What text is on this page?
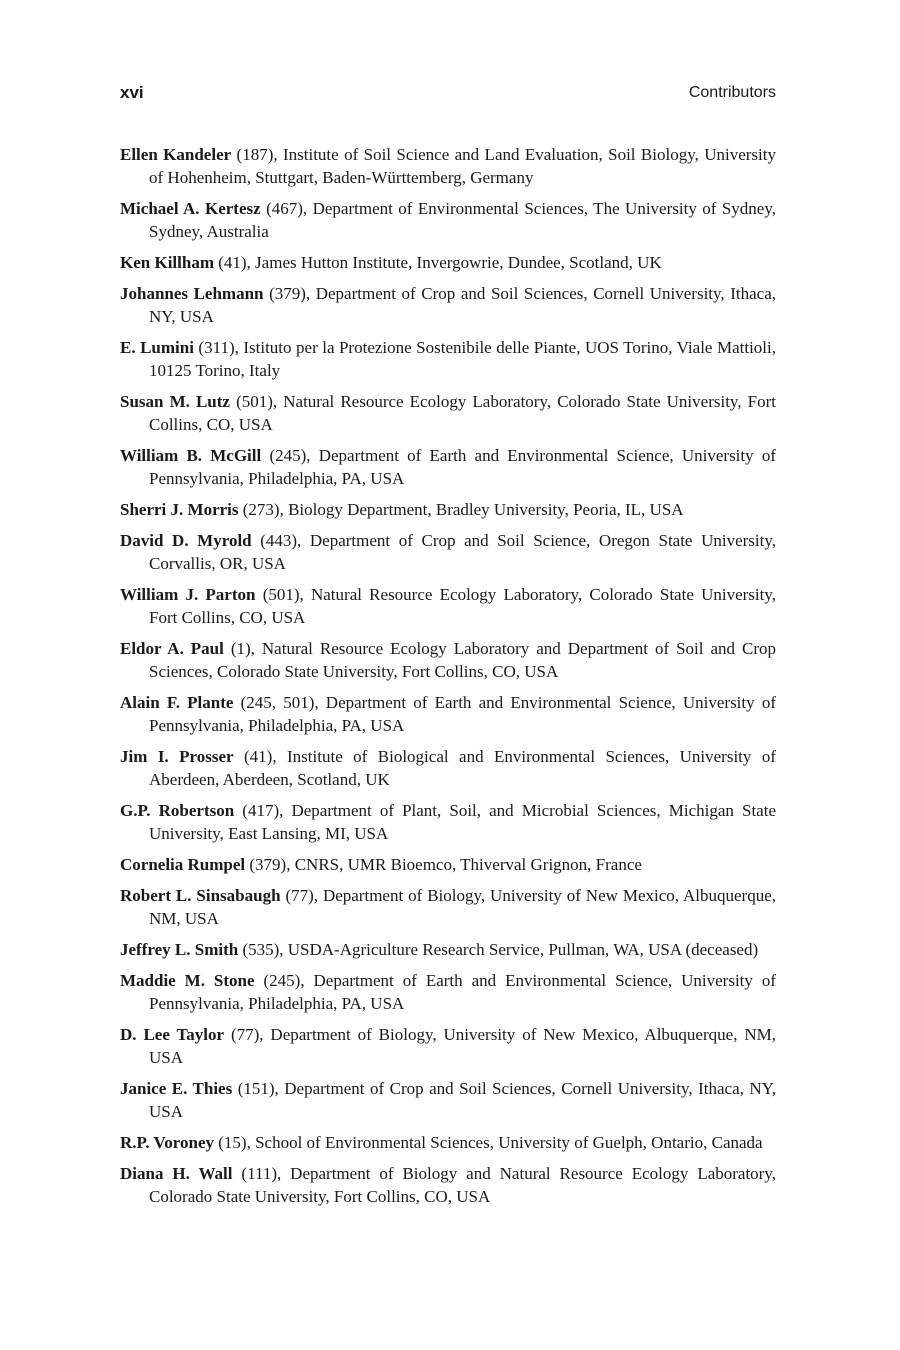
xvi	Contributors
Ellen Kandeler (187), Institute of Soil Science and Land Evaluation, Soil Biology, University of Hohenheim, Stuttgart, Baden-Württemberg, Germany
Michael A. Kertesz (467), Department of Environmental Sciences, The University of Sydney, Sydney, Australia
Ken Killham (41), James Hutton Institute, Invergowrie, Dundee, Scotland, UK
Johannes Lehmann (379), Department of Crop and Soil Sciences, Cornell University, Ithaca, NY, USA
E. Lumini (311), Istituto per la Protezione Sostenibile delle Piante, UOS Torino, Viale Mattioli, 10125 Torino, Italy
Susan M. Lutz (501), Natural Resource Ecology Laboratory, Colorado State University, Fort Collins, CO, USA
William B. McGill (245), Department of Earth and Environmental Science, University of Pennsylvania, Philadelphia, PA, USA
Sherri J. Morris (273), Biology Department, Bradley University, Peoria, IL, USA
David D. Myrold (443), Department of Crop and Soil Science, Oregon State University, Corvallis, OR, USA
William J. Parton (501), Natural Resource Ecology Laboratory, Colorado State University, Fort Collins, CO, USA
Eldor A. Paul (1), Natural Resource Ecology Laboratory and Department of Soil and Crop Sciences, Colorado State University, Fort Collins, CO, USA
Alain F. Plante (245, 501), Department of Earth and Environmental Science, University of Pennsylvania, Philadelphia, PA, USA
Jim I. Prosser (41), Institute of Biological and Environmental Sciences, University of Aberdeen, Aberdeen, Scotland, UK
G.P. Robertson (417), Department of Plant, Soil, and Microbial Sciences, Michigan State University, East Lansing, MI, USA
Cornelia Rumpel (379), CNRS, UMR Bioemco, Thiverval Grignon, France
Robert L. Sinsabaugh (77), Department of Biology, University of New Mexico, Albuquerque, NM, USA
Jeffrey L. Smith (535), USDA-Agriculture Research Service, Pullman, WA, USA (deceased)
Maddie M. Stone (245), Department of Earth and Environmental Science, University of Pennsylvania, Philadelphia, PA, USA
D. Lee Taylor (77), Department of Biology, University of New Mexico, Albuquerque, NM, USA
Janice E. Thies (151), Department of Crop and Soil Sciences, Cornell University, Ithaca, NY, USA
R.P. Voroney (15), School of Environmental Sciences, University of Guelph, Ontario, Canada
Diana H. Wall (111), Department of Biology and Natural Resource Ecology Laboratory, Colorado State University, Fort Collins, CO, USA
